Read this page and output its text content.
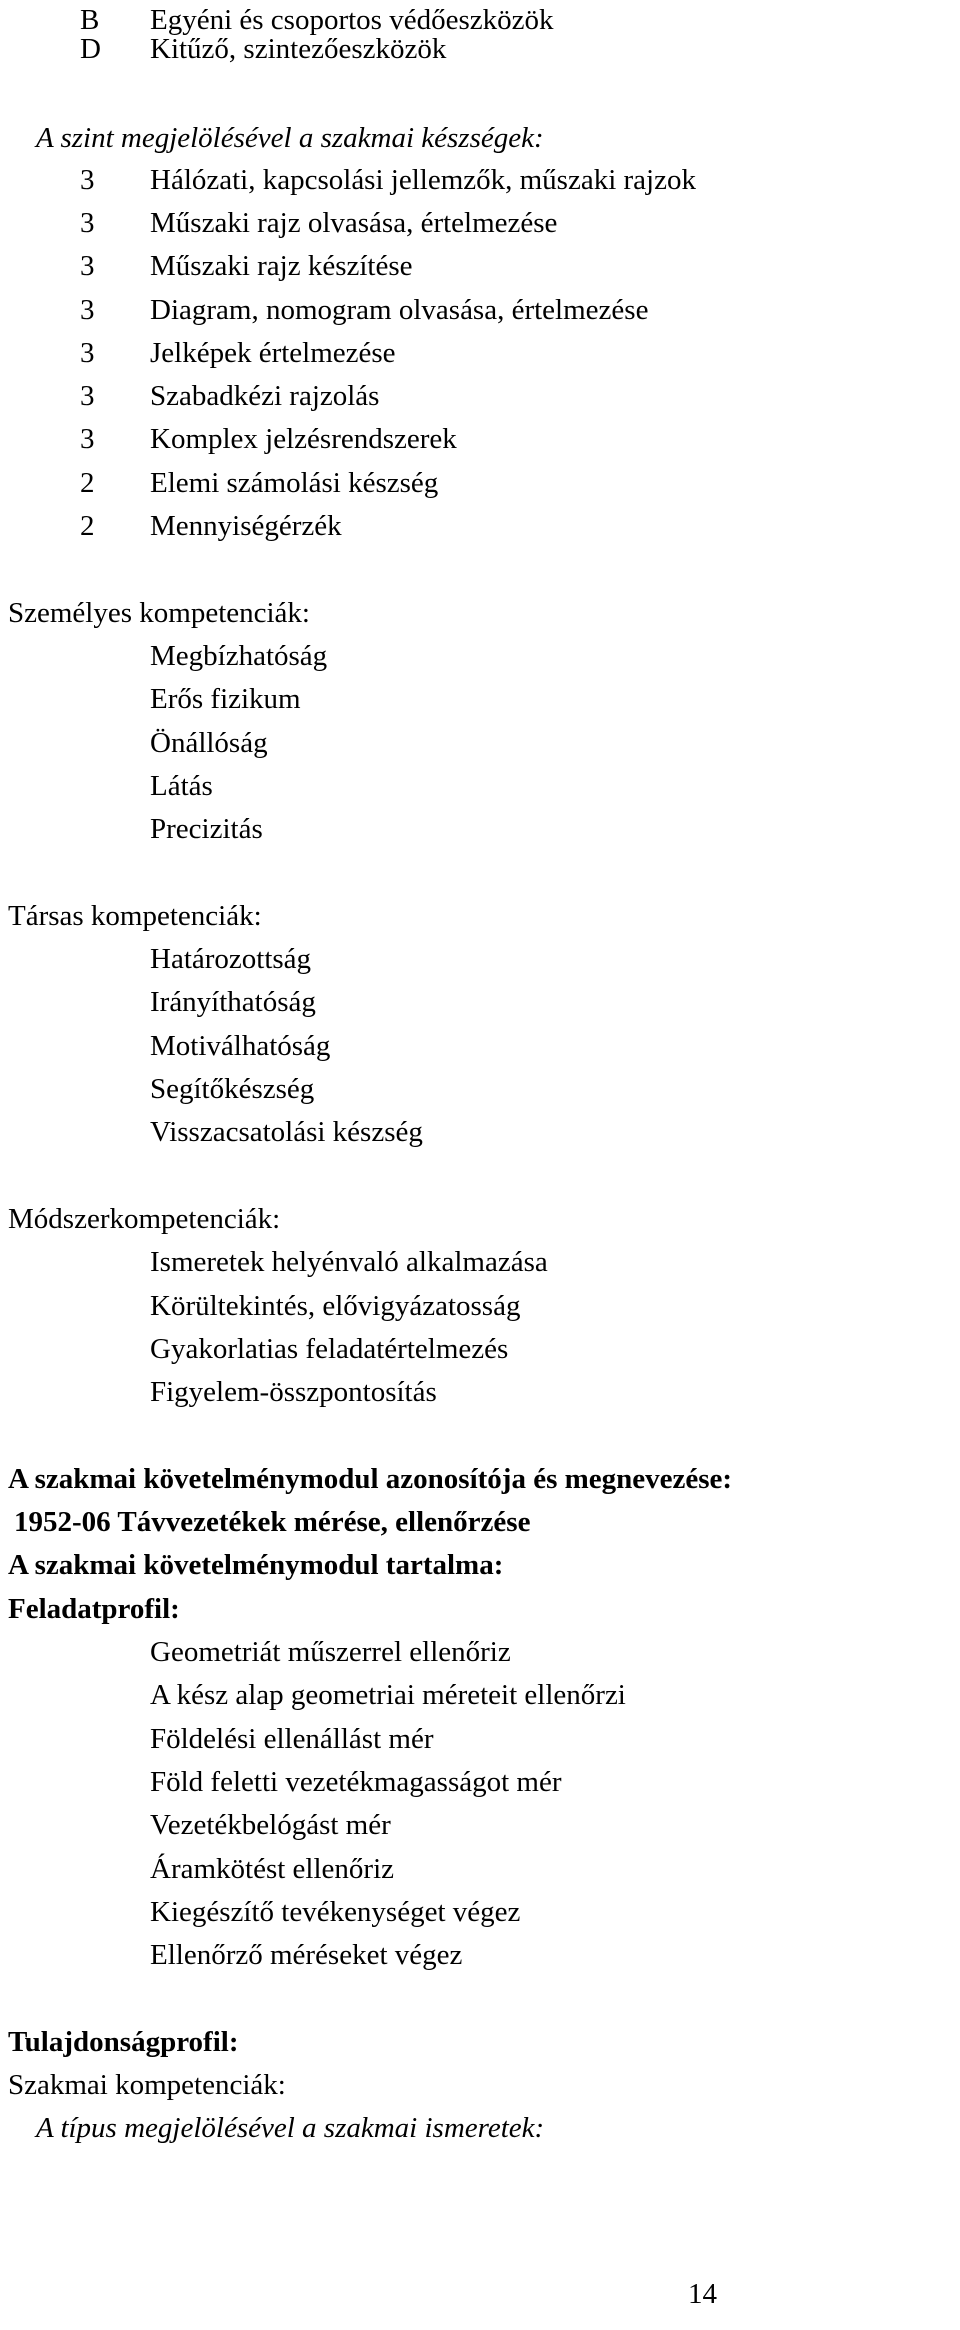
B Egyéni és csoportos védőeszközök
D Kitűző, szintezőeszközök
A szint megjelölésével a szakmai készségek:
3 Hálózati, kapcsolási jellemzők, műszaki rajzok
3 Műszaki rajz olvasása, értelmezése
3 Műszaki rajz készítése
3 Diagram, nomogram olvasása, értelmezése
3 Jelképek értelmezése
3 Szabadkézi rajzolás
3 Komplex jelzésrendszerek
2 Elemi számolási készség
2 Mennyiségérzék
Személyes kompetenciák:
Megbízhatóság
Erős fizikum
Önállóság
Látás
Precizitás
Társas kompetenciák:
Határozottság
Irányíthatóság
Motiválhatóság
Segítőkészség
Visszacsatolási készség
Módszerkompetenciák:
Ismeretek helyénvaló alkalmazása
Körültekintés, elővigyázatosság
Gyakorlatias feladatértelmezés
Figyelem-összpontosítás
A szakmai követelménymodul azonosítója és megnevezése:
1952-06 Távvezetékek mérése, ellenőrzése
A szakmai követelménymodul tartalma:
Feladatprofil:
Geometriát műszerrel ellenőriz
A kész alap geometriai méreteit ellenőrzi
Földelési ellenállást mér
Föld feletti vezetékmagasságot mér
Vezetékbelógást mér
Áramkötést ellenőriz
Kiegészítő tevékenységet végez
Ellenőrző méréseket végez
Tulajdonságprofil:
Szakmai kompetenciák:
A típus megjelölésével a szakmai ismeretek:
14
